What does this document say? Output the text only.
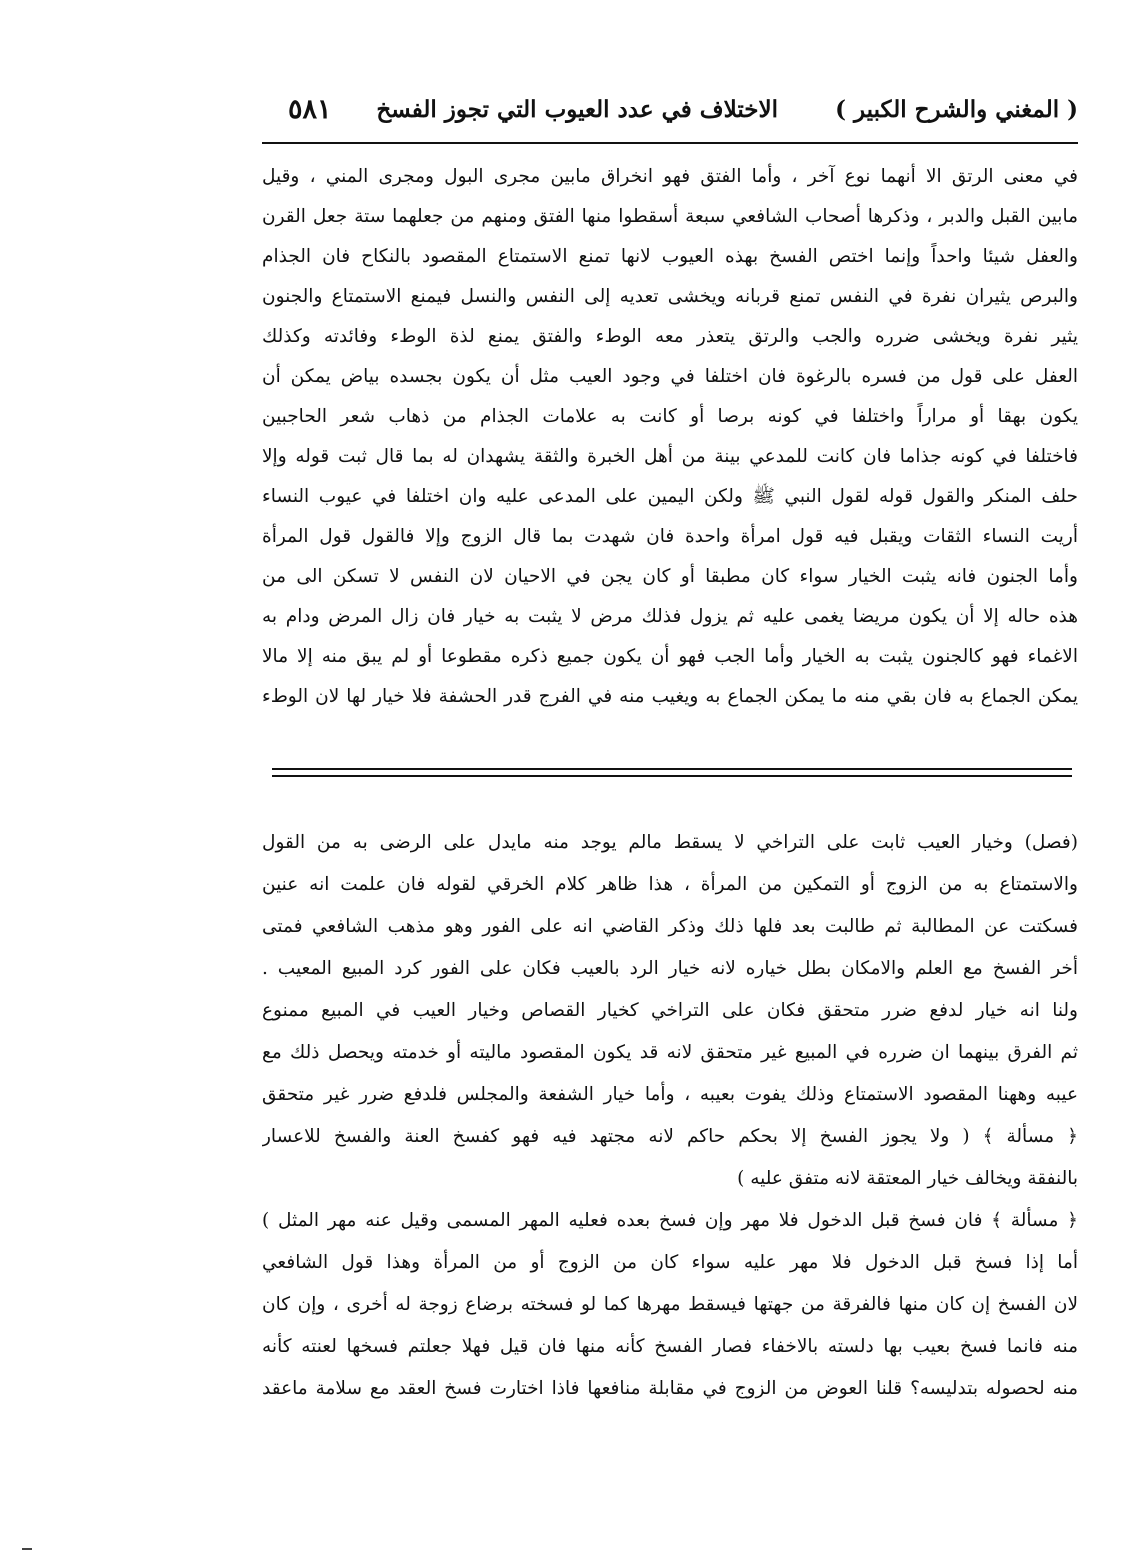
( المغني والشرح الكبير )
الاختلاف في عدد العيوب التي تجوز الفسخ
٥٨١
في معنى الرتق الا أنهما نوع آخر ، وأما الفتق فهو انخراق مابين مجرى البول ومجرى المني ، وقيل
مابين القبل والدبر ، وذكرها أصحاب الشافعي سبعة أسقطوا منها الفتق ومنهم من جعلهما ستة جعل القرن
والعفل شيئا واحداً وإنما اختص الفسخ بهذه العيوب لانها تمنع الاستمتاع المقصود بالنكاح فان الجذام
والبرص يثيران نفرة في النفس تمنع قربانه ويخشى تعديه إلى النفس والنسل فيمنع الاستمتاع والجنون
يثير نفرة ويخشى ضرره والجب والرتق يتعذر معه الوطء والفتق يمنع لذة الوطء وفائدته وكذلك
العفل على قول من فسره بالرغوة فان اختلفا في وجود العيب مثل أن يكون بجسده بياض يمكن أن
يكون بهقا أو مراراً واختلفا في كونه برصا أو كانت به علامات الجذام من ذهاب شعر الحاجبين
فاختلفا في كونه جذاما فان كانت للمدعي بينة من أهل الخبرة والثقة يشهدان له بما قال ثبت قوله وإلا
حلف المنكر والقول قوله لقول النبي ﷺ ولكن اليمين على المدعى عليه وان اختلفا في عيوب النساء
أريت النساء الثقات ويقبل فيه قول امرأة واحدة فان شهدت بما قال الزوج وإلا فالقول قول المرأة
وأما الجنون فانه يثبت الخيار سواء كان مطبقا أو كان يجن في الاحيان لان النفس لا تسكن الى من
هذه حاله إلا أن يكون مريضا يغمى عليه ثم يزول فذلك مرض لا يثبت به خيار فان زال المرض ودام به
الاغماء فهو كالجنون يثبت به الخيار وأما الجب فهو أن يكون جميع ذكره مقطوعا أو لم يبق منه إلا مالا
يمكن الجماع به فان بقي منه ما يمكن الجماع به ويغيب منه في الفرج قدر الحشفة فلا خيار لها لان الوطء
(فصل) وخيار العيب ثابت على التراخي لا يسقط مالم يوجد منه مايدل على الرضى به من القول
والاستمتاع به من الزوج أو التمكين من المرأة ، هذا ظاهر كلام الخرقي لقوله فان علمت انه عنين
فسكتت عن المطالبة ثم طالبت بعد فلها ذلك وذكر القاضي انه على الفور وهو مذهب الشافعي فمتى
أخر الفسخ مع العلم والامكان بطل خياره لانه خيار الرد بالعيب فكان على الفور كرد المبيع المعيب .
ولنا انه خيار لدفع ضرر متحقق فكان على التراخي كخيار القصاص وخيار العيب في المبيع ممنوع
ثم الفرق بينهما ان ضرره في المبيع غير متحقق لانه قد يكون المقصود ماليته أو خدمته ويحصل ذلك مع
عيبه وههنا المقصود الاستمتاع وذلك يفوت بعيبه ، وأما خيار الشفعة والمجلس فلدفع ضرر غير متحقق
﴿ مسألة ﴾ ( ولا يجوز الفسخ إلا بحكم حاكم لانه مجتهد فيه فهو كفسخ العنة والفسخ للاعسار
بالنفقة ويخالف خيار المعتقة لانه متفق عليه )
﴿ مسألة ﴾ فان فسخ قبل الدخول فلا مهر وإن فسخ بعده فعليه المهر المسمى وقيل عنه مهر المثل )
أما إذا فسخ قبل الدخول فلا مهر عليه سواء كان من الزوج أو من المرأة وهذا قول الشافعي
لان الفسخ إن كان منها فالفرقة من جهتها فيسقط مهرها كما لو فسخته برضاع زوجة له أخرى ، وإن كان
منه فانما فسخ بعيب بها دلسته بالاخفاء فصار الفسخ كأنه منها فان قيل فهلا جعلتم فسخها لعنته كأنه
منه لحصوله بتدليسه؟ قلنا العوض من الزوج في مقابلة منافعها فاذا اختارت فسخ العقد مع سلامة ماعقد
